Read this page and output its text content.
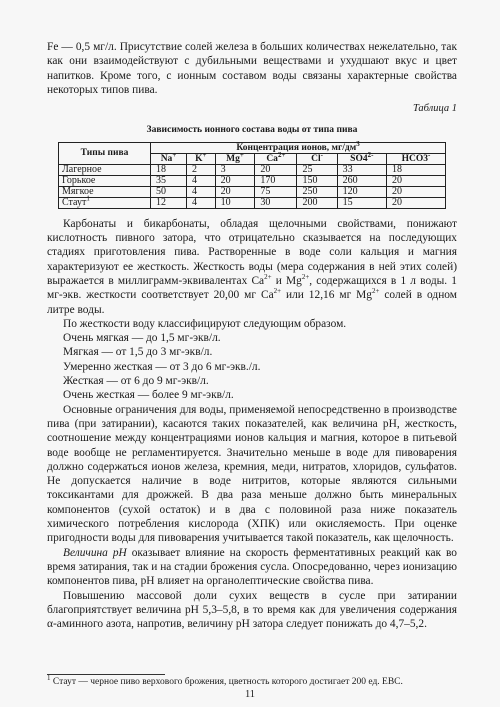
Fe — 0,5 мг/л. Присутствие солей железа в больших количествах нежелательно, так как они взаимодействуют с дубильными веществами и ухудшают вкус и цвет напитков. Кроме того, с ионным составом воды связаны характерные свойства некоторых типов пива.

Таблица 1

Зависимость ионного состава воды от типа пива

Типы пива	Концентрация ионов, $мг/дм^3$
	Na+	K+	Mg+	$Ca^{2+}$	Cl-	$SO4^{2-}$	HCO3-
Лагерное	18	2	3	20	25	33	18
Горькое	35	4	20	170	150	260	20
Мягкое	50	4	20	75	250	120	20
Стаут$^1$	12	4	10	30	200	15	20

Карбонаты и бикарбонаты, обладая щелочными свойствами, понижают кислотность пивного затора, что отрицательно сказывается на последующих стадиях приготовления пива. Растворенные в воде соли кальция и магния характеризуют ее жесткость. Жесткость воды (мера содержания в ней этих солей) выражается в миллиграмм-эквивалентах $Ca^{2+}$ и $Mg^{2+}$, содержащихся в 1 л воды. 1 мг-экв. жесткости соответствует 20,00 мг $Ca^{2+}$ или 12,16 мг $Mg^{2+}$ солей в одном литре воды.

По жесткости воду классифицируют следующим образом.

Очень мягкая — до 1,5 мг-экв/л.

Мягкая — от 1,5 до 3 мг-экв/л.

Умеренно жесткая — от 3 до 6 мг-экв./л.

Жесткая — от 6 до 9 мг-экв/л.

Очень жесткая — более 9 мг-экв/л.

Основные ограничения для воды, применяемой непосредственно в производстве пива (при затирании), касаются таких показателей, как величина pH, жесткость, соотношение между концентрациями ионов кальция и магния, которое в питьевой воде вообще не регламентируется. Значительно меньше в воде для пивоварения должно содержаться ионов железа, кремния, меди, нитратов, хлоридов, сульфатов. Не допускается наличие в воде нитритов, которые являются сильными токсикантами для дрожжей. В два раза меньше должно быть минеральных компонентов (сухой остаток) и в два с половиной раза ниже показатель химического потребления кислорода (ХПК) или окисляемость. При оценке пригодности воды для пивоварения учитывается такой показатель, как щелочность.

Величина pH оказывает влияние на скорость ферментативных реакций как во время затирания, так и на стадии брожения сусла. Опосредованно, через ионизацию компонентов пива, pH влияет на органолептические свойства пива.

Повышению массовой доли сухих веществ в сусле при затирании благоприятствует величина pH 5,3–5,8, в то время как для увеличения содержания α-аминного азота, напротив, величину pH затора следует понижать до 4,7–5,2.

$^1$ Стаут — черное пиво верхового брожения, цветность которого достигает 200 ед. ЕВС.
11
